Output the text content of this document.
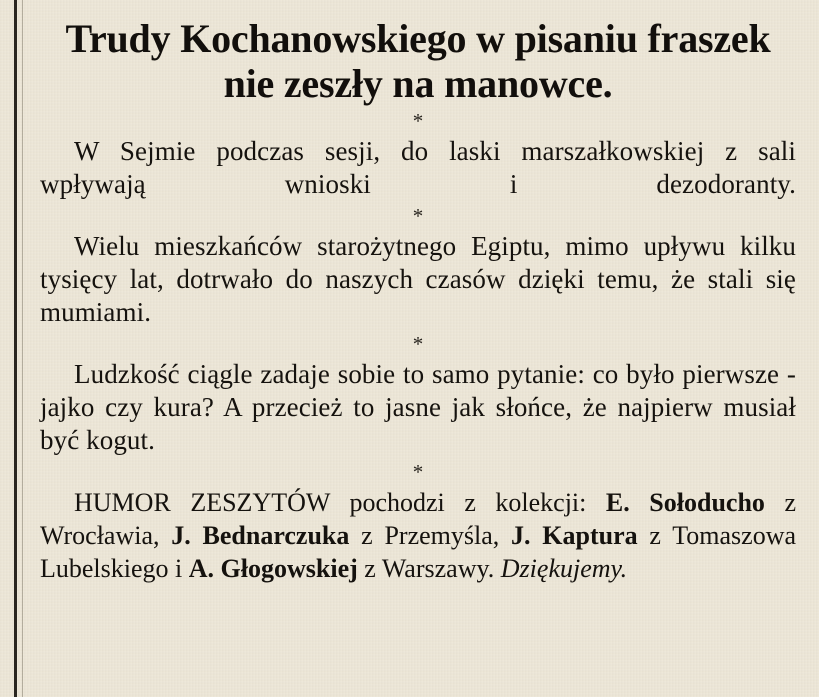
Trudy Kochanowskiego w pisaniu fraszek nie zeszły na manowce.
*

W Sejmie podczas sesji, do laski marszałkowskiej z sali wpływają wnioski i dezodoranty.

*

Wielu mieszkańców starożytnego Egiptu, mimo upływu kilku tysięcy lat, dotrwało do naszych czasów dzięki temu, że stali się mumiami.

*

Ludzkość ciągle zadaje sobie to samo pytanie: co było pierwsze - jajko czy kura? A przecież to jasne jak słońce, że najpierw musiał być kogut.

*

HUMOR ZESZYTÓW pochodzi z kolekcji: E. Sołoducho z Wrocławia, J. Bednarczuka z Przemyśla, J. Kaptura z Tomaszowa Lubelskiego i A. Głogowskiej z Warszawy. Dziękujemy.
